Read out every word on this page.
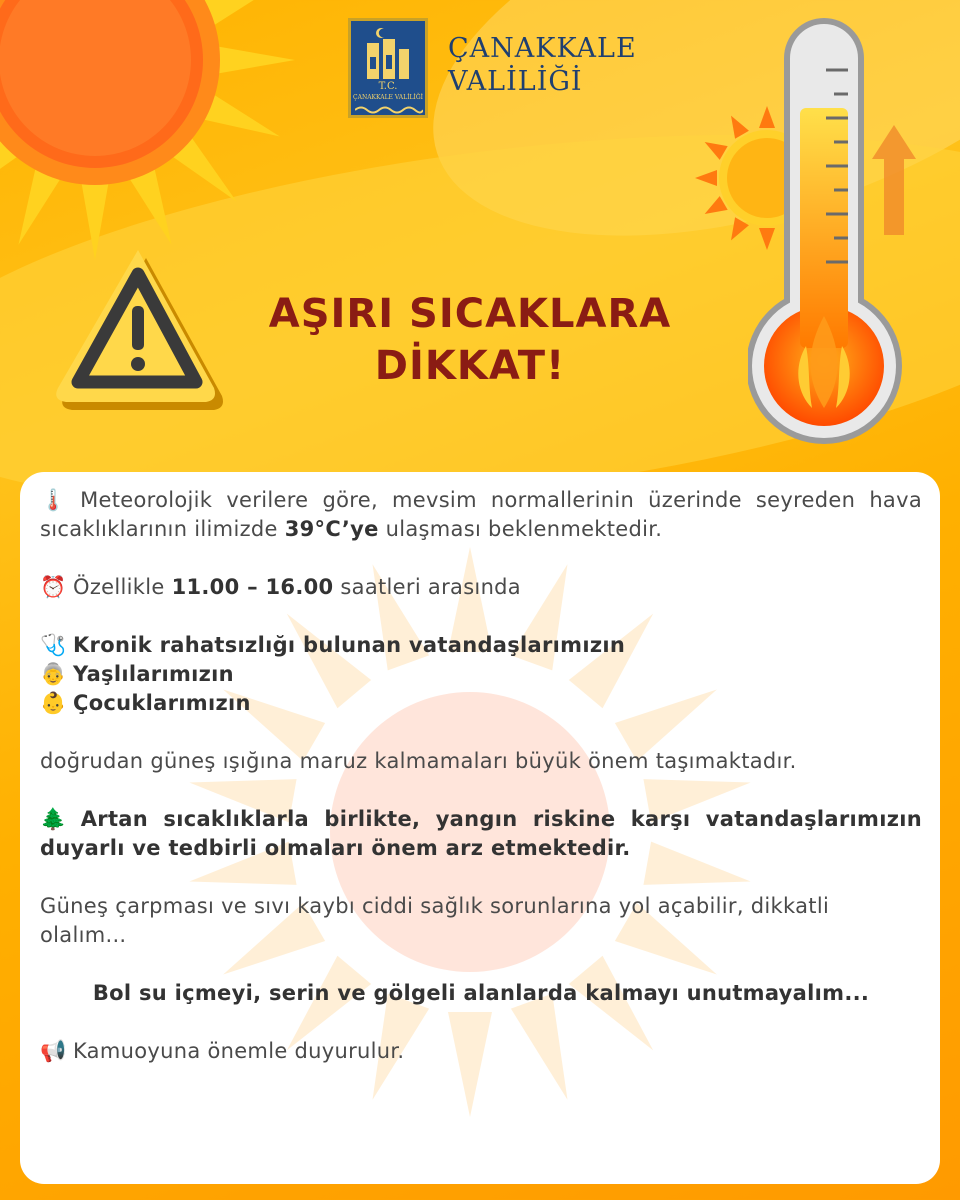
T.C.
ÇANAKKALE VALİLİĞİ
ÇANAKKALE
VALİLİĞİ
AŞIRI SICAKLARA
DİKKAT!

🌡️ Meteorolojik verilere göre, mevsim normallerinin üzerinde seyreden hava sıcaklıklarının ilimizde 39°C’ye ulaşması beklenmektedir.

⏰ Özellikle 11.00 – 16.00 saatleri arasında

🩺 Kronik rahatsızlığı bulunan vatandaşlarımızın

👵 Yaşlılarımızın

👶 Çocuklarımızın

doğrudan güneş ışığına maruz kalmamaları büyük önem taşımaktadır.

🌲 Artan sıcaklıklarla birlikte, yangın riskine karşı vatandaşlarımızın duyarlı ve tedbirli olmaları önem arz etmektedir.

Güneş çarpması ve sıvı kaybı ciddi sağlık sorunlarına yol açabilir, dikkatli olalım...

Bol su içmeyi, serin ve gölgeli alanlarda kalmayı unutmayalım...

📢 Kamuoyuna önemle duyurulur.
